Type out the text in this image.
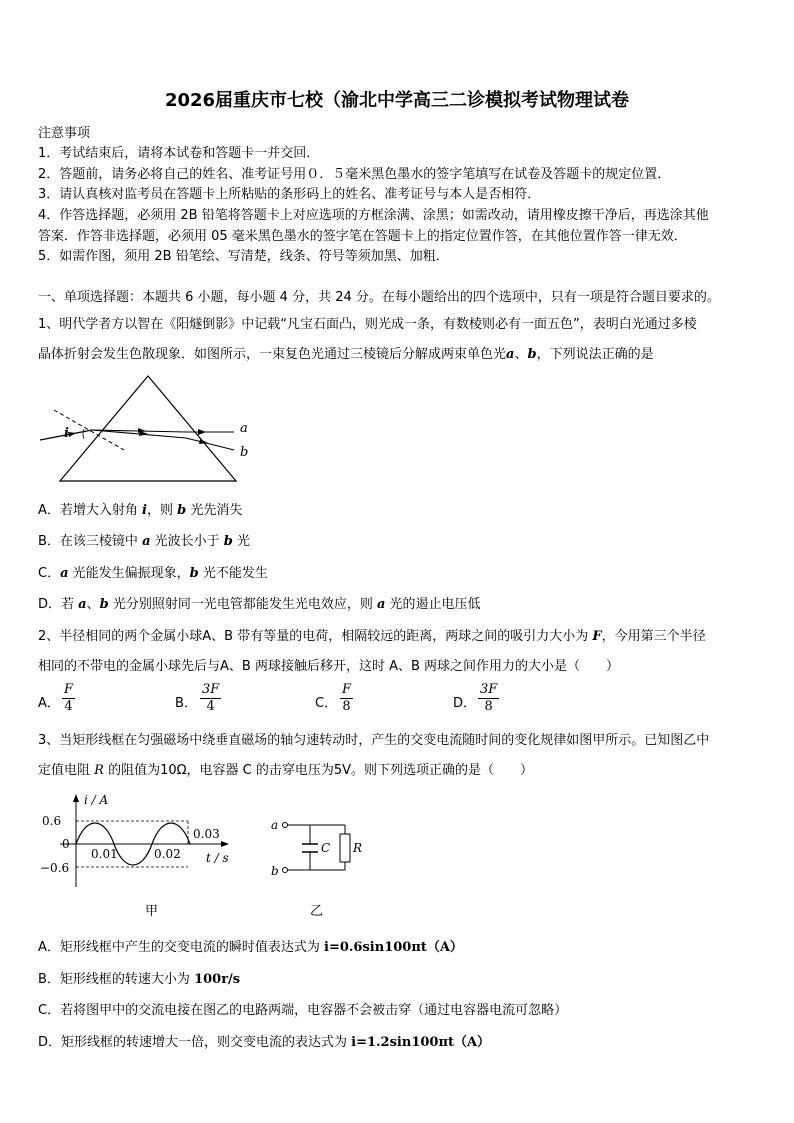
2026届重庆市七校（渝北中学高三二诊模拟考试物理试卷
注意事项
1．考试结束后，请将本试卷和答题卡一并交回．
2．答题前，请务必将自己的姓名、准考证号用０．５毫米黑色墨水的签字笔填写在试卷及答题卡的规定位置．
3．请认真核对监考员在答题卡上所粘贴的条形码上的姓名、准考证号与本人是否相符．
4．作答选择题，必须用 2B 铅笔将答题卡上对应选项的方框涂满、涂黑；如需改动，请用橡皮擦干净后，再选涂其他
答案．作答非选择题，必须用 05 毫米黑色墨水的签字笔在答题卡上的指定位置作答，在其他位置作答一律无效．
5．如需作图，须用 2B 铅笔绘、写清楚，线条、符号等须加黑、加粗．
一、单项选择题：本题共 6 小题，每小题 4 分，共 24 分。在每小题给出的四个选项中，只有一项是符合题目要求的。
1、明代学者方以智在《阳燧倒影》中记载“凡宝石面凸，则光成一条，有数棱则必有一面五色”，表明白光通过多棱
晶体折射会发生色散现象．如图所示，一束复色光通过三棱镜后分解成两束单色光a、b，下列说法正确的是
i	a
b
A．若增大入射角 i，则 b 光先消失
B．在该三棱镜中 a 光波长小于 b 光
C．a 光能发生偏振现象，b 光不能发生
D．若 a、b 光分别照射同一光电管都能发生光电效应，则 a 光的遏止电压低
2、半径相同的两个金属小球A、B 带有等量的电荷，相隔较远的距离，两球之间的吸引力大小为 F，今用第三个半径
相同的不带电的金属小球先后与A、B 两球接触后移开，这时 A、B 两球之间作用力的大小是（　　）
A． $\frac{F}{4}$	B． $\frac{3F}{4}$	C． $\frac{F}{8}$	D． $\frac{3F}{8}$
3、当矩形线框在匀强磁场中绕垂直磁场的轴匀速转动时，产生的交变电流随时间的变化规律如图甲所示。已知图乙中
定值电阻 R 的阻值为10Ω，电容器 C 的击穿电压为5V。则下列选项正确的是（　　）
i / A
0.6
0
−0.6
0.01	0.02
0.03
t / s
a
b
C R
甲	乙
A．矩形线框中产生的交变电流的瞬时值表达式为 i=0.6sin100πt（A）
B．矩形线框的转速大小为 100r/s
C．若将图甲中的交流电接在图乙的电路两端，电容器不会被击穿（通过电容器电流可忽略）
D．矩形线框的转速增大一倍，则交变电流的表达式为 i=1.2sin100πt（A）
